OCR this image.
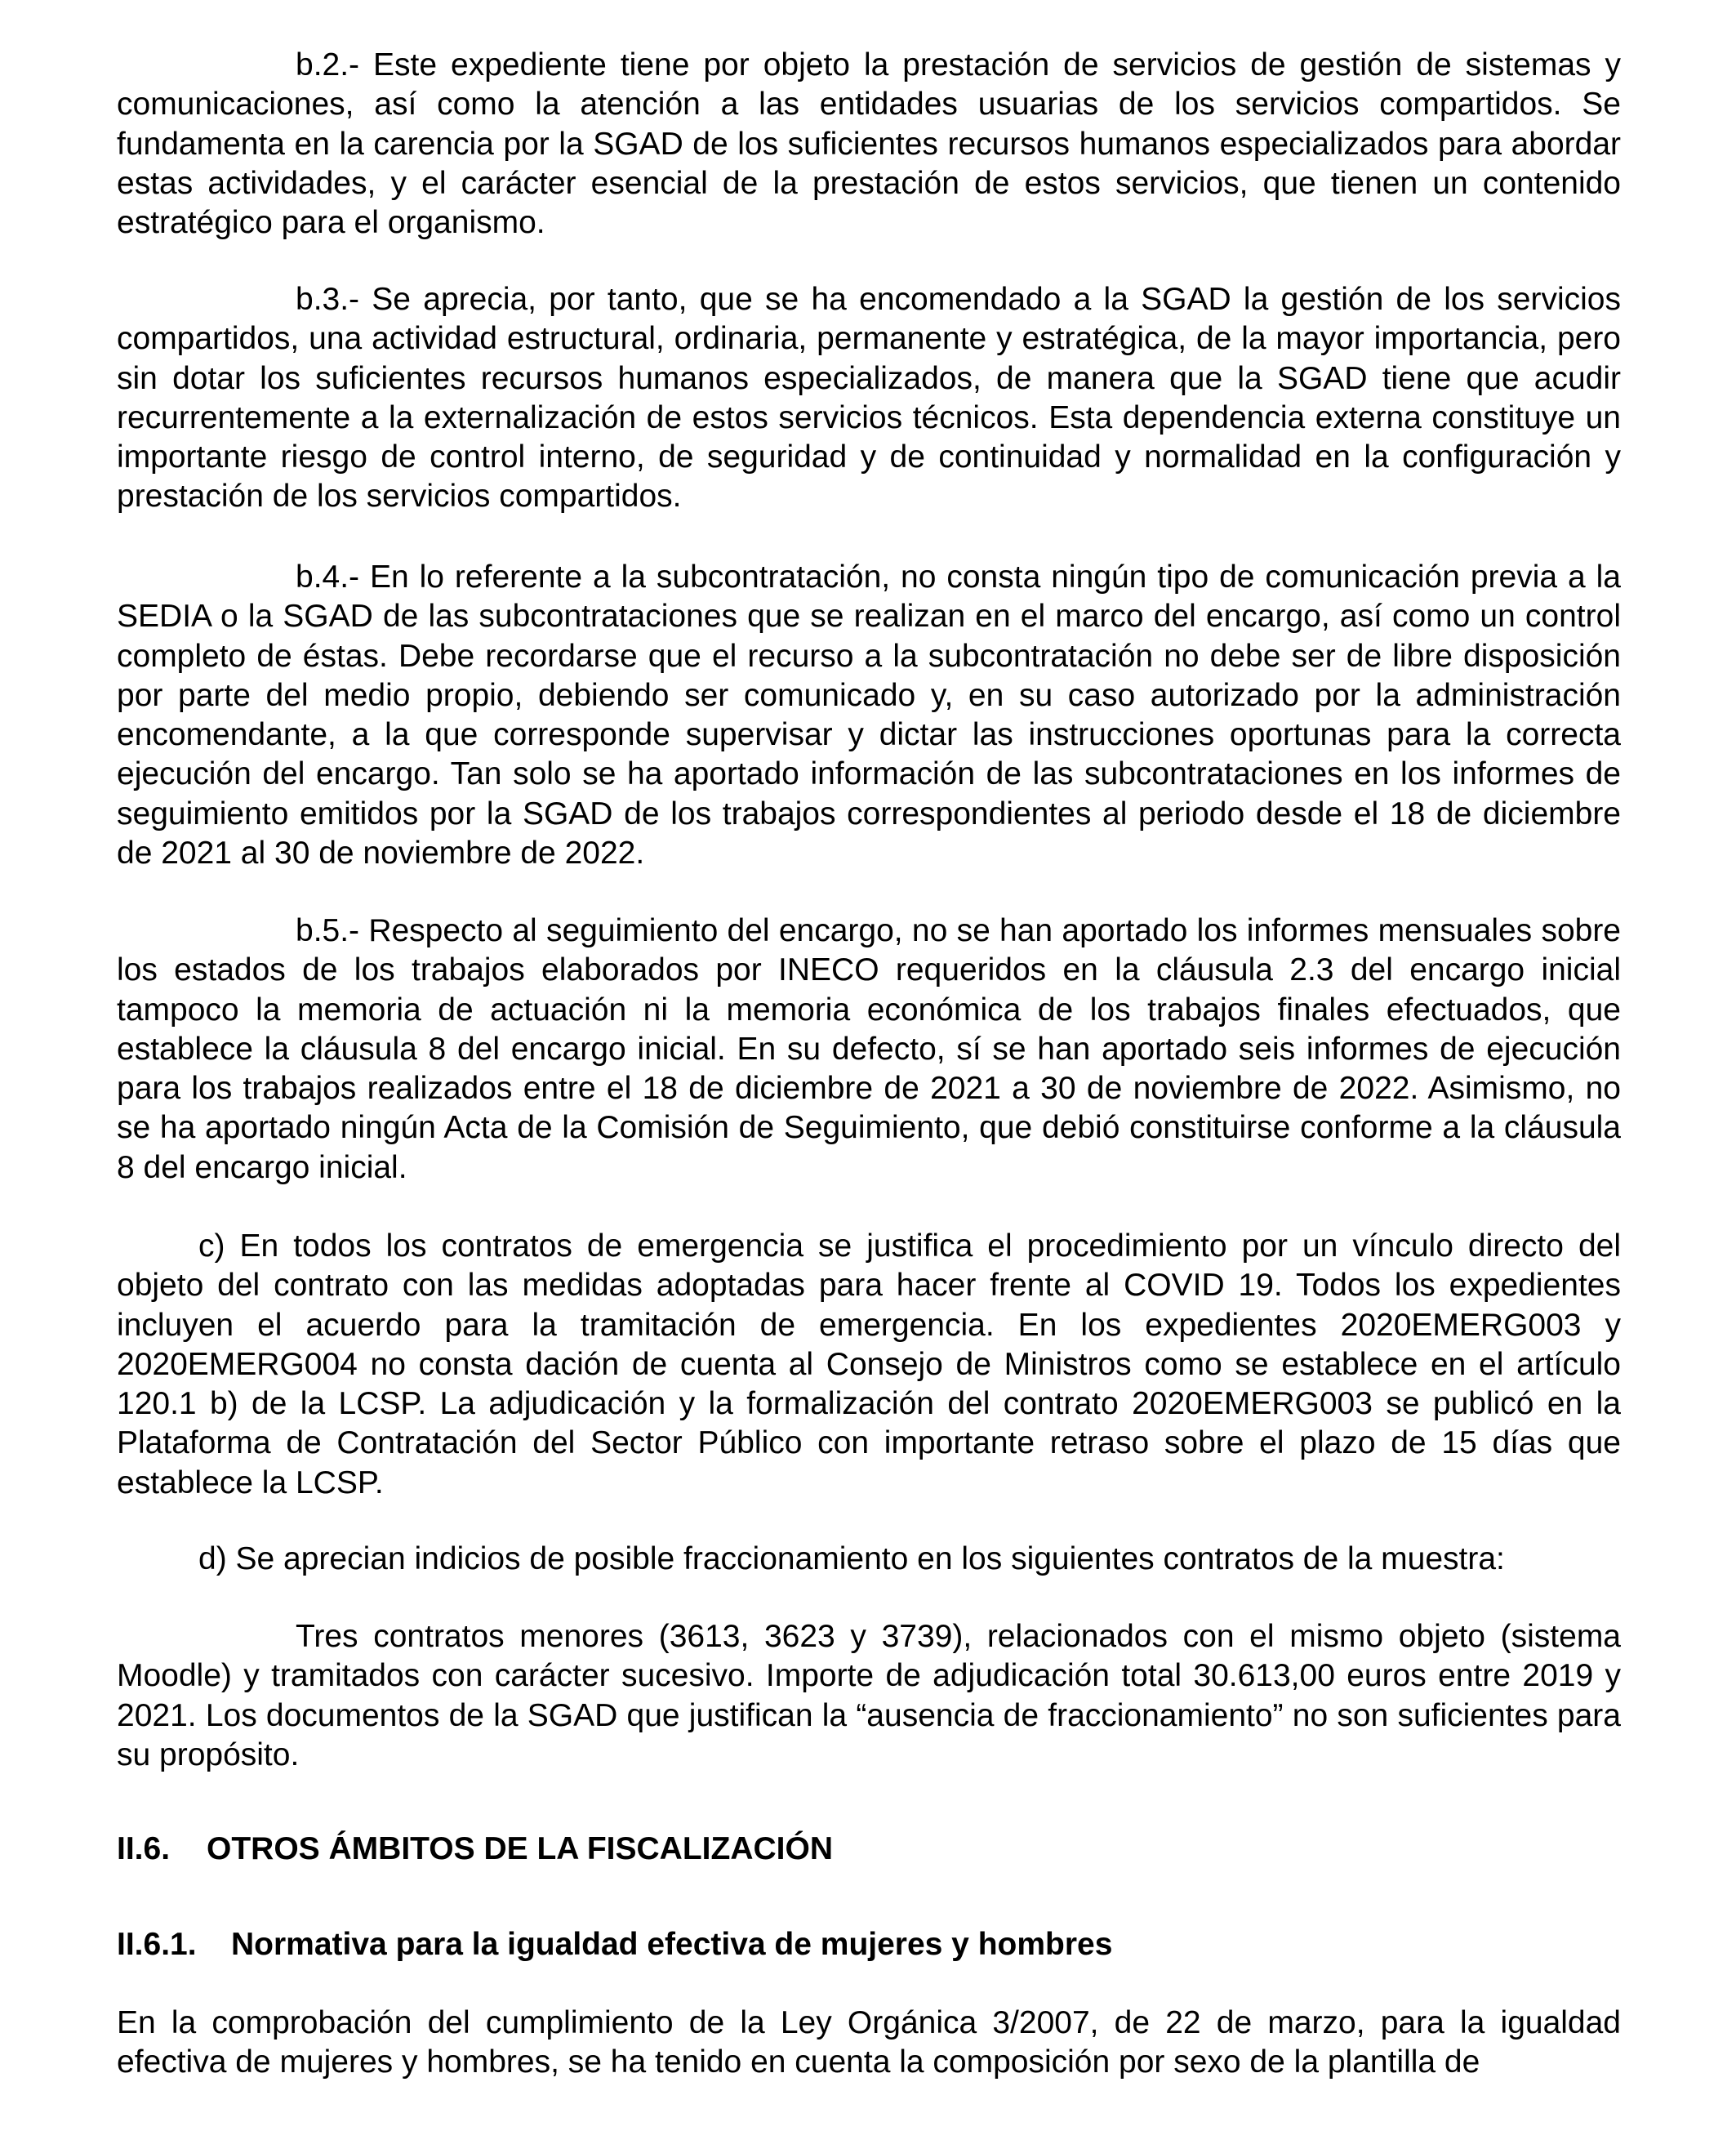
b.2.- Este expediente tiene por objeto la prestación de servicios de gestión de sistemas y comunicaciones, así como la atención a las entidades usuarias de los servicios compartidos. Se fundamenta en la carencia por la SGAD de los suficientes recursos humanos especializados para abordar estas actividades, y el carácter esencial de la prestación de estos servicios, que tienen un contenido estratégico para el organismo.

b.3.- Se aprecia, por tanto, que se ha encomendado a la SGAD la gestión de los servicios compartidos, una actividad estructural, ordinaria, permanente y estratégica, de la mayor importancia, pero sin dotar los suficientes recursos humanos especializados, de manera que la SGAD tiene que acudir recurrentemente a la externalización de estos servicios técnicos. Esta dependencia externa constituye un importante riesgo de control interno, de seguridad y de continuidad y normalidad en la configuración y prestación de los servicios compartidos.

b.4.- En lo referente a la subcontratación, no consta ningún tipo de comunicación previa a la SEDIA o la SGAD de las subcontrataciones que se realizan en el marco del encargo, así como un control completo de éstas. Debe recordarse que el recurso a la subcontratación no debe ser de libre disposición por parte del medio propio, debiendo ser comunicado y, en su caso autorizado por la administración encomendante, a la que corresponde supervisar y dictar las instrucciones oportunas para la correcta ejecución del encargo. Tan solo se ha aportado información de las subcontrataciones en los informes de seguimiento emitidos por la SGAD de los trabajos correspondientes al periodo desde el 18 de diciembre de 2021 al 30 de noviembre de 2022.

b.5.- Respecto al seguimiento del encargo, no se han aportado los informes mensuales sobre los estados de los trabajos elaborados por INECO requeridos en la cláusula 2.3 del encargo inicial tampoco la memoria de actuación ni la memoria económica de los trabajos finales efectuados, que establece la cláusula 8 del encargo inicial. En su defecto, sí se han aportado seis informes de ejecución para los trabajos realizados entre el 18 de diciembre de 2021 a 30 de noviembre de 2022. Asimismo, no se ha aportado ningún Acta de la Comisión de Seguimiento, que debió constituirse conforme a la cláusula 8 del encargo inicial.

c) En todos los contratos de emergencia se justifica el procedimiento por un vínculo directo del objeto del contrato con las medidas adoptadas para hacer frente al COVID 19. Todos los expedientes incluyen el acuerdo para la tramitación de emergencia. En los expedientes 2020EMERG003 y 2020EMERG004 no consta dación de cuenta al Consejo de Ministros como se establece en el artículo 120.1 b) de la LCSP. La adjudicación y la formalización del contrato 2020EMERG003 se publicó en la Plataforma de Contratación del Sector Público con importante retraso sobre el plazo de 15 días que establece la LCSP.

d) Se aprecian indicios de posible fraccionamiento en los siguientes contratos de la muestra:

Tres contratos menores (3613, 3623 y 3739), relacionados con el mismo objeto (sistema Moodle) y tramitados con carácter sucesivo. Importe de adjudicación total 30.613,00 euros entre 2019 y 2021. Los documentos de la SGAD que justifican la “ausencia de fraccionamiento” no son suficientes para su propósito.

II.6. OTROS ÁMBITOS DE LA FISCALIZACIÓN
II.6.1. Normativa para la igualdad efectiva de mujeres y hombres

En la comprobación del cumplimiento de la Ley Orgánica 3/2007, de 22 de marzo, para la igualdad efectiva de mujeres y hombres, se ha tenido en cuenta la composición por sexo de la plantilla de
